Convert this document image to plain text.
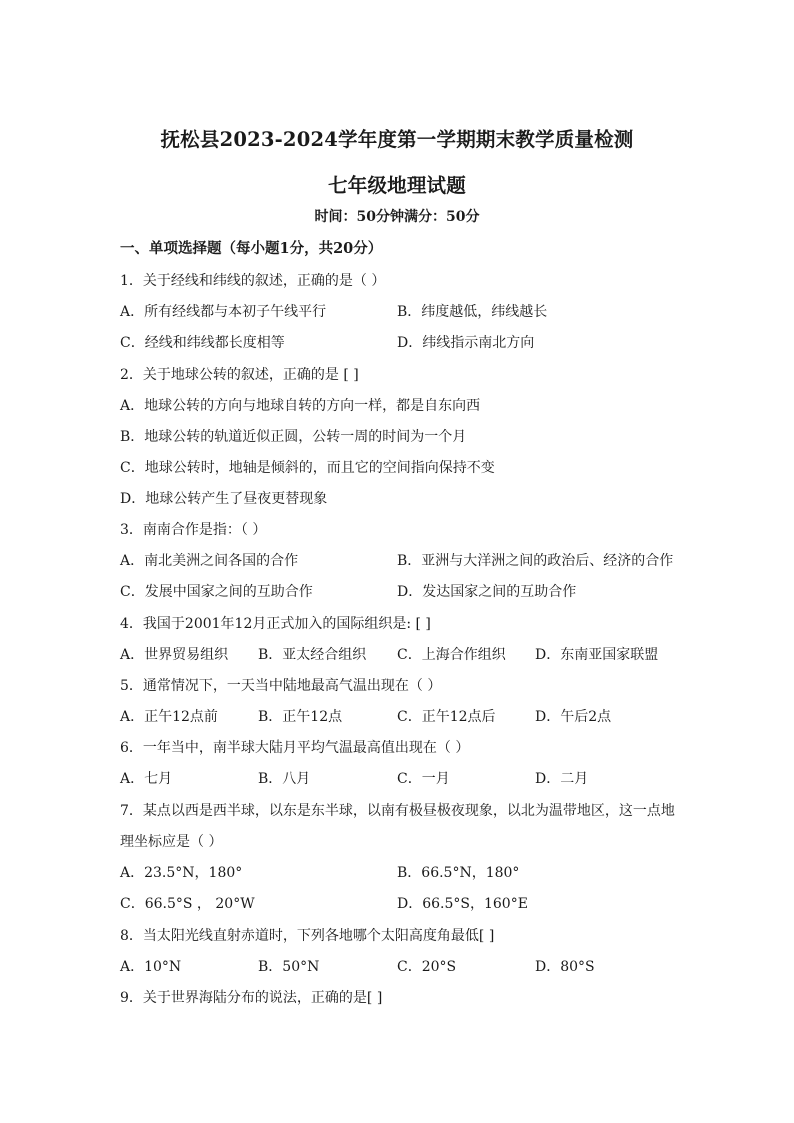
抚松县2023-2024学年度第一学期期末教学质量检测
七年级地理试题
时间：50分钟满分：50分
一、单项选择题（每小题1分，共20分）
1．关于经线和纬线的叙述，正确的是（ ）
A．所有经线都与本初子午线平行	B．纬度越低，纬线越长
C．经线和纬线都长度相等	D．纬线指示南北方向
2．关于地球公转的叙述，正确的是 [ ]
A．地球公转的方向与地球自转的方向一样，都是自东向西
B．地球公转的轨道近似正圆，公转一周的时间为一个月
C．地球公转时，地轴是倾斜的，而且它的空间指向保持不变
D．地球公转产生了昼夜更替现象
3．南南合作是指：（ ）
A．南北美洲之间各国的合作	B．亚洲与大洋洲之间的政治后、经济的合作
C．发展中国家之间的互助合作	D．发达国家之间的互助合作
4．我国于2001年12月正式加入的国际组织是: [ ]
A．世界贸易组织 B．亚太经合组织 C．上海合作组织 D．东南亚国家联盟
5．通常情况下，一天当中陆地最高气温出现在（ ）
A．正午12点前	B．正午12点	C．正午12点后	D．午后2点
6．一年当中，南半球大陆月平均气温最高值出现在（ ）
A．七月	B．八月	C．一月	D．二月
7．某点以西是西半球，以东是东半球，以南有极昼极夜现象，以北为温带地区，这一点地
理坐标应是（ ）
A．23.5°N，180°	B．66.5°N，180°
C．66.5°S ， 20°W	D．66.5°S，160°E
8．当太阳光线直射赤道时，下列各地哪个太阳高度角最低[ ]
A．10°N	B．50°N	C．20°S	D．80°S
9．关于世界海陆分布的说法，正确的是[ ]
